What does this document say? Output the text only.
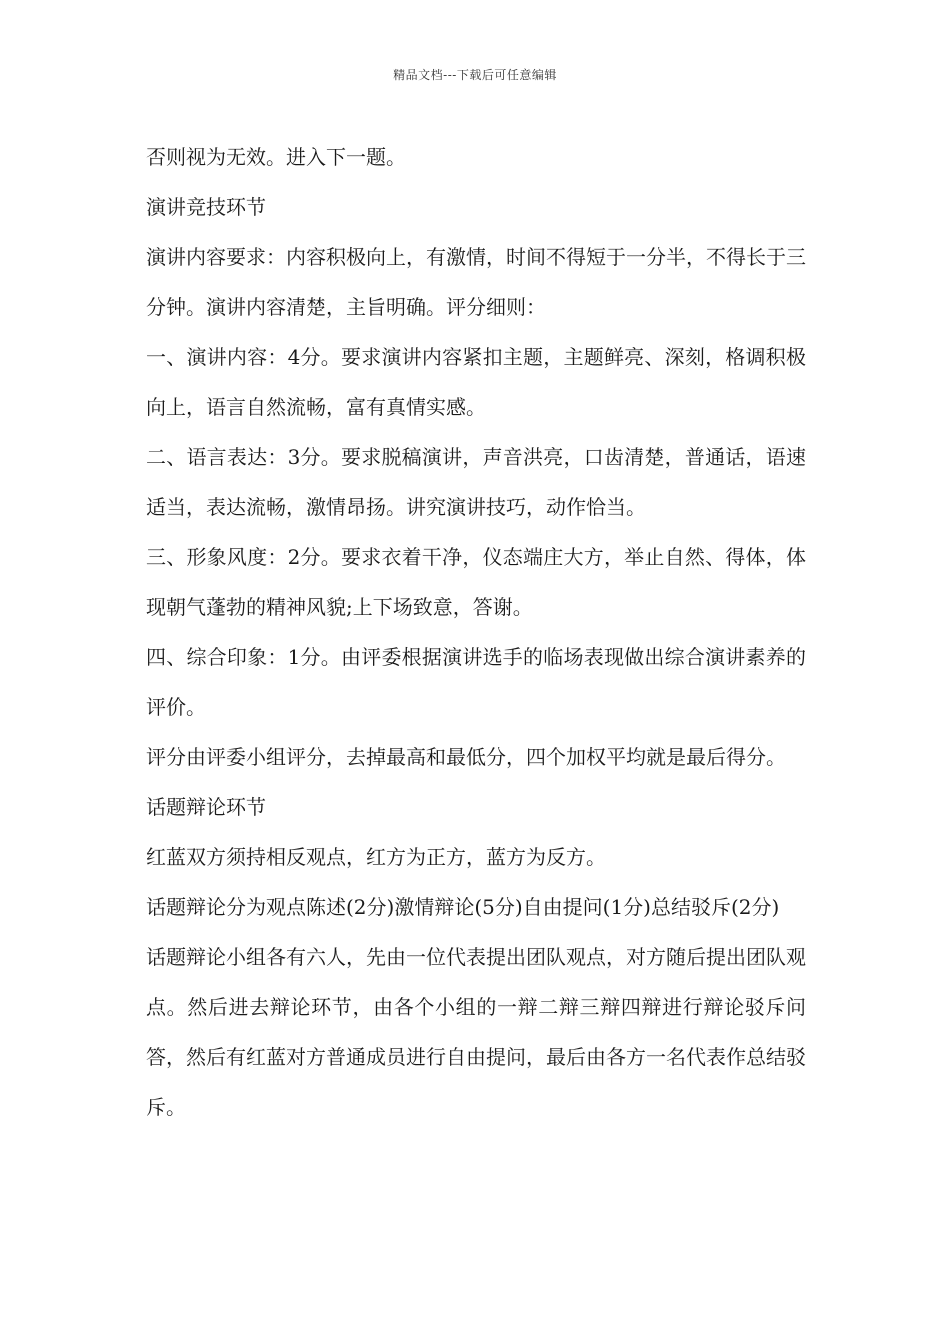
精品文档---下载后可任意编辑

否则视为无效。进入下一题。

演讲竞技环节

演讲内容要求：内容积极向上，有激情，时间不得短于一分半，不得长于三分钟。演讲内容清楚，主旨明确。评分细则：

一、演讲内容：4分。要求演讲内容紧扣主题，主题鲜亮、深刻，格调积极向上，语言自然流畅，富有真情实感。

二、语言表达：3分。要求脱稿演讲，声音洪亮，口齿清楚，普通话，语速适当，表达流畅，激情昂扬。讲究演讲技巧，动作恰当。

三、形象风度：2分。要求衣着干净，仪态端庄大方，举止自然、得体，体现朝气蓬勃的精神风貌;上下场致意，答谢。

四、综合印象：1分。由评委根据演讲选手的临场表现做出综合演讲素养的评价。

评分由评委小组评分，去掉最高和最低分，四个加权平均就是最后得分。

话题辩论环节

红蓝双方须持相反观点，红方为正方，蓝方为反方。

话题辩论分为观点陈述(2分)激情辩论(5分)自由提问(1分)总结驳斥(2分)

话题辩论小组各有六人，先由一位代表提出团队观点，对方随后提出团队观点。然后进去辩论环节，由各个小组的一辩二辩三辩四辩进行辩论驳斥问答，然后有红蓝对方普通成员进行自由提问，最后由各方一名代表作总结驳斥。
